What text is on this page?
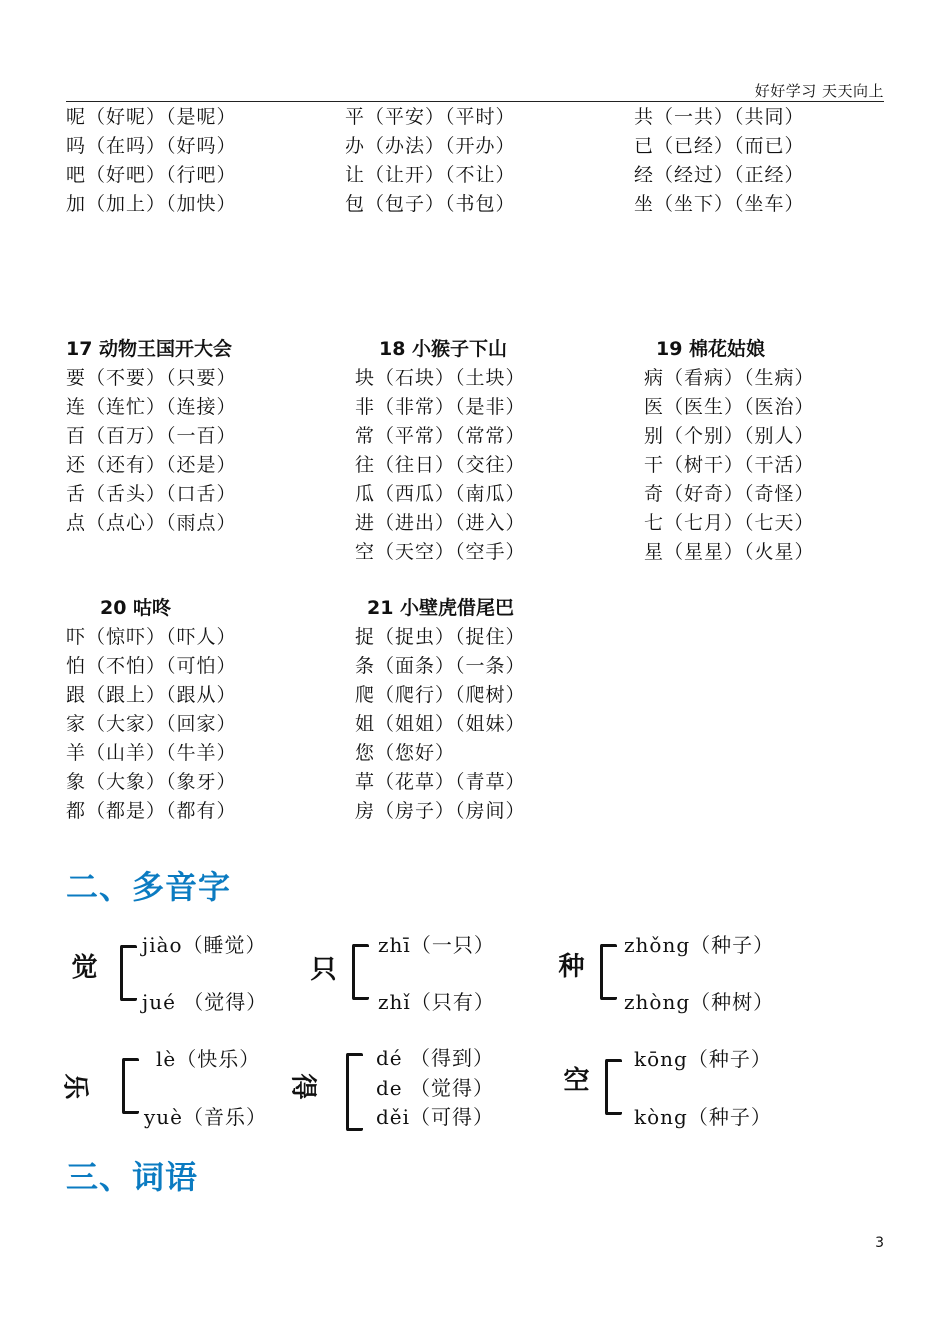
好好学习 天天向上
呢（好呢）（是呢）
吗（在吗）（好吗）
吧（好吧）（行吧）
加（加上）（加快）
平（平安）（平时）
办（办法）（开办）
让（让开）（不让）
包（包子）（书包）
共（一共）（共同）
已（已经）（而已）
经（经过）（正经）
坐（坐下）（坐车）
17 动物王国开大会
要（不要）（只要）
连（连忙）（连接）
百（百万）（一百）
还（还有）（还是）
舌（舌头）（口舌）
点（点心）（雨点）
18 小猴子下山
块（石块）（土块）
非（非常）（是非）
常（平常）（常常）
往（往日）（交往）
瓜（西瓜）（南瓜）
进（进出）（进入）
空（天空）（空手）
19 棉花姑娘
病（看病）（生病）
医（医生）（医治）
别（个别）（别人）
干（树干）（干活）
奇（好奇）（奇怪）
七（七月）（七天）
星（星星）（火星）
20 咕咚
吓（惊吓）（吓人）
怕（不怕）（可怕）
跟（跟上）（跟从）
家（大家）（回家）
羊（山羊）（牛羊）
象（大象）（象牙）
都（都是）（都有）
21 小壁虎借尾巴
捉（捉虫）（捉住）
条（面条）（一条）
爬（爬行）（爬树）
姐（姐姐）（姐妹）
您（您好）
草（花草）（青草）
房（房子）（房间）
二、多音字
觉
jiào（睡觉）
jué （觉得）
只
zhī（一只）
zhǐ（只有）
种
zhǒng（种子）
zhòng（种树）
乐
lè（快乐）
yuè（音乐）
得
dé （得到）
de （觉得）
děi（可得）
空
kōng（种子）
kòng（种子）
三、词语
3
